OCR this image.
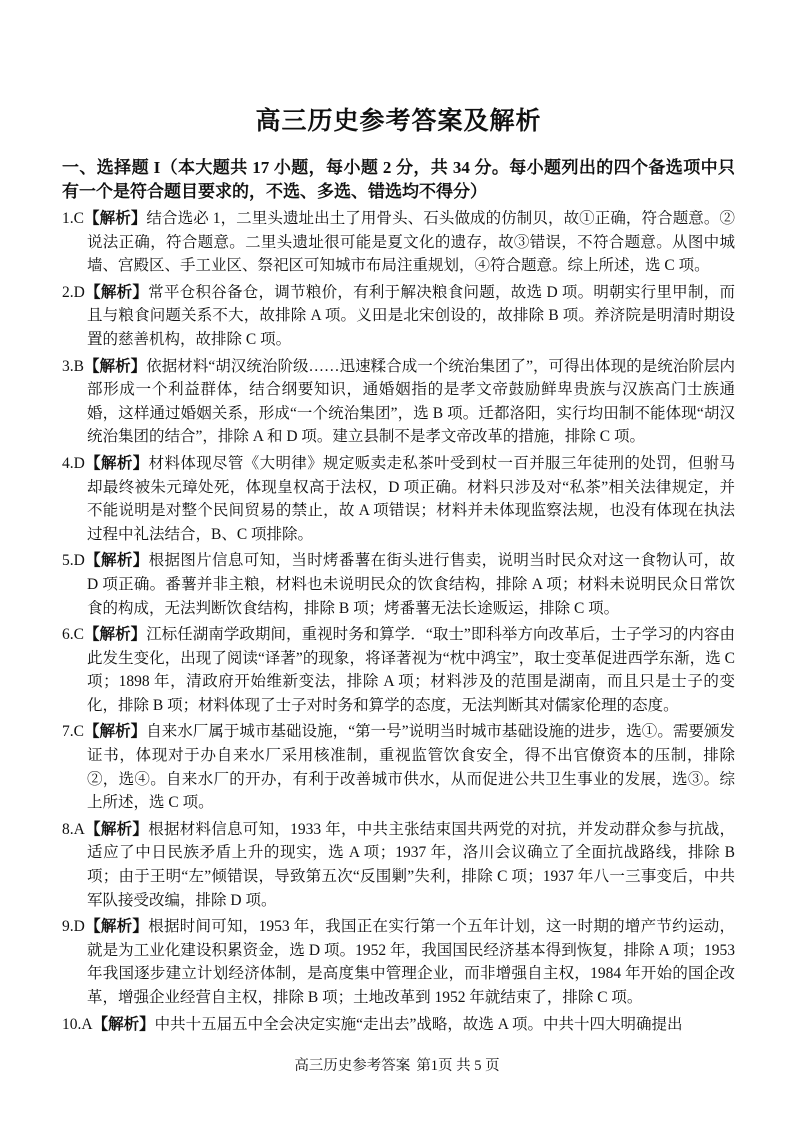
高三历史参考答案及解析

一、选择题 I（本大题共 17 小题，每小题 2 分，共 34 分。每小题列出的四个备选项中只有一个是符合题目要求的，不选、多选、错选均不得分）

1.C【解析】结合选必 1，二里头遗址出土了用骨头、石头做成的仿制贝，故①正确，符合题意。②说法正确，符合题意。二里头遗址很可能是夏文化的遗存，故③错误，不符合题意。从图中城墙、宫殿区、手工业区、祭祀区可知城市布局注重规划，④符合题意。综上所述，选 C 项。

2.D【解析】常平仓积谷备仓，调节粮价，有利于解决粮食问题，故选 D 项。明朝实行里甲制，而且与粮食问题关系不大，故排除 A 项。义田是北宋创设的，故排除 B 项。养济院是明清时期设置的慈善机构，故排除 C 项。

3.B【解析】依据材料“胡汉统治阶级……迅速糅合成一个统治集团了”，可得出体现的是统治阶层内部形成一个利益群体，结合纲要知识，通婚姻指的是孝文帝鼓励鲜卑贵族与汉族高门士族通婚，这样通过婚姻关系，形成“一个统治集团”，选 B 项。迁都洛阳，实行均田制不能体现“胡汉统治集团的结合”，排除 A 和 D 项。建立县制不是孝文帝改革的措施，排除 C 项。

4.D【解析】材料体现尽管《大明律》规定贩卖走私茶叶受到杖一百并服三年徒刑的处罚，但驸马却最终被朱元璋处死，体现皇权高于法权，D 项正确。材料只涉及对“私茶”相关法律规定，并不能说明是对整个民间贸易的禁止，故 A 项错误；材料并未体现监察法规，也没有体现在执法过程中礼法结合，B、C 项排除。

5.D【解析】根据图片信息可知，当时烤番薯在街头进行售卖，说明当时民众对这一食物认可，故 D 项正确。番薯并非主粮，材料也未说明民众的饮食结构，排除 A 项；材料未说明民众日常饮食的构成，无法判断饮食结构，排除 B 项；烤番薯无法长途贩运，排除 C 项。

6.C【解析】江标任湖南学政期间，重视时务和算学．“取士”即科举方向改革后，士子学习的内容由此发生变化，出现了阅读“译著”的现象，将译著视为“枕中鸿宝”，取士变革促进西学东渐，选 C 项；1898 年，清政府开始维新变法，排除 A 项；材料涉及的范围是湖南，而且只是士子的变化，排除 B 项；材料体现了士子对时务和算学的态度，无法判断其对儒家伦理的态度。

7.C【解析】自来水厂属于城市基础设施，“第一号”说明当时城市基础设施的进步，选①。需要颁发证书，体现对于办自来水厂采用核准制，重视监管饮食安全，得不出官僚资本的压制，排除②，选④。自来水厂的开办，有利于改善城市供水，从而促进公共卫生事业的发展，选③。综上所述，选 C 项。

8.A【解析】根据材料信息可知，1933 年，中共主张结束国共两党的对抗，并发动群众参与抗战，适应了中日民族矛盾上升的现实，选 A 项；1937 年，洛川会议确立了全面抗战路线，排除 B 项；由于王明“左”倾错误，导致第五次“反围剿”失利，排除 C 项；1937 年八一三事变后，中共军队接受改编，排除 D 项。

9.D【解析】根据时间可知，1953 年，我国正在实行第一个五年计划，这一时期的增产节约运动，就是为工业化建设积累资金，选 D 项。1952 年，我国国民经济基本得到恢复，排除 A 项；1953 年我国逐步建立计划经济体制，是高度集中管理企业，而非增强自主权，1984 年开始的国企改革，增强企业经营自主权，排除 B 项；土地改革到 1952 年就结束了，排除 C 项。

10.A【解析】中共十五届五中全会决定实施“走出去”战略，故选 A 项。中共十四大明确提出

高三历史参考答案 第1页 共 5 页
